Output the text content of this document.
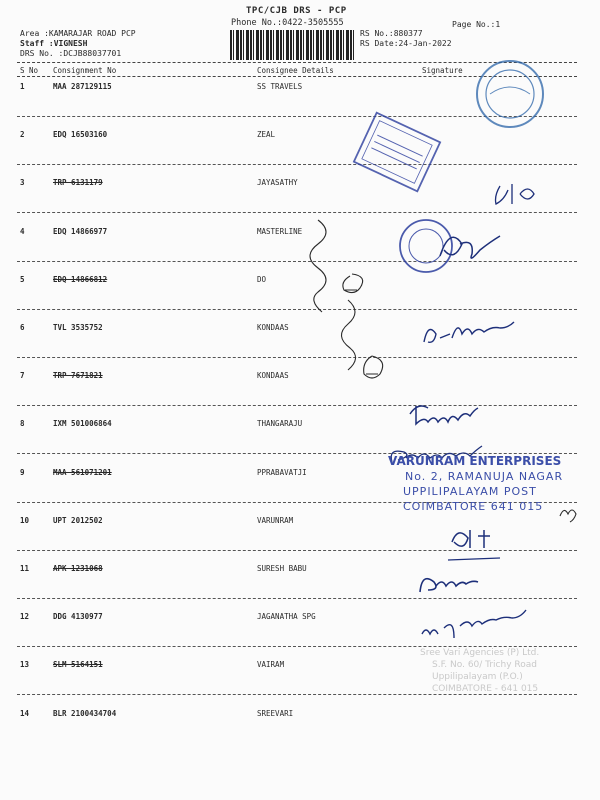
TPC/CJB DRS - PCP
Phone No.:0422-3505555	Page No.:1
Area :KAMARAJAR ROAD PCP
Staff :VIGNESH
DRS No. :DCJB88037701
RS No.:880377
RS Date:24-Jan-2022
S No Consignment No	Consignee Details	Signature
1	MAA 287129115	SS TRAVELS
2	EDQ 16503160	ZEAL
3	TRP 6131179	JAYASATHY
4	EDQ 14866977	MASTERLINE
5	EDQ 14866812	DO
6	TVL 3535752	KONDAAS
7	TRP 7671821	KONDAAS
8	IXM 501006864	THANGARAJU
9	MAA 561071201	PPRABAVATJI
10	UPT 2012502	VARUNRAM
11	APK 1231068	SURESH BABU
12	DDG 4130977	JAGANATHA SPG
13	SLM 5164151	VAIRAM
14	BLR 2100434704	SREEVARI
VARUNRAM ENTERPRISES
No. 2, RAMANUJA NAGAR
UPPILIPALAYAM POST
COIMBATORE 641 015
Sree Vari Agencies (P) Ltd.
S.F. No. 60/ Trichy Road
Uppilipalayam (P.O.)
COIMBATORE - 641 015
